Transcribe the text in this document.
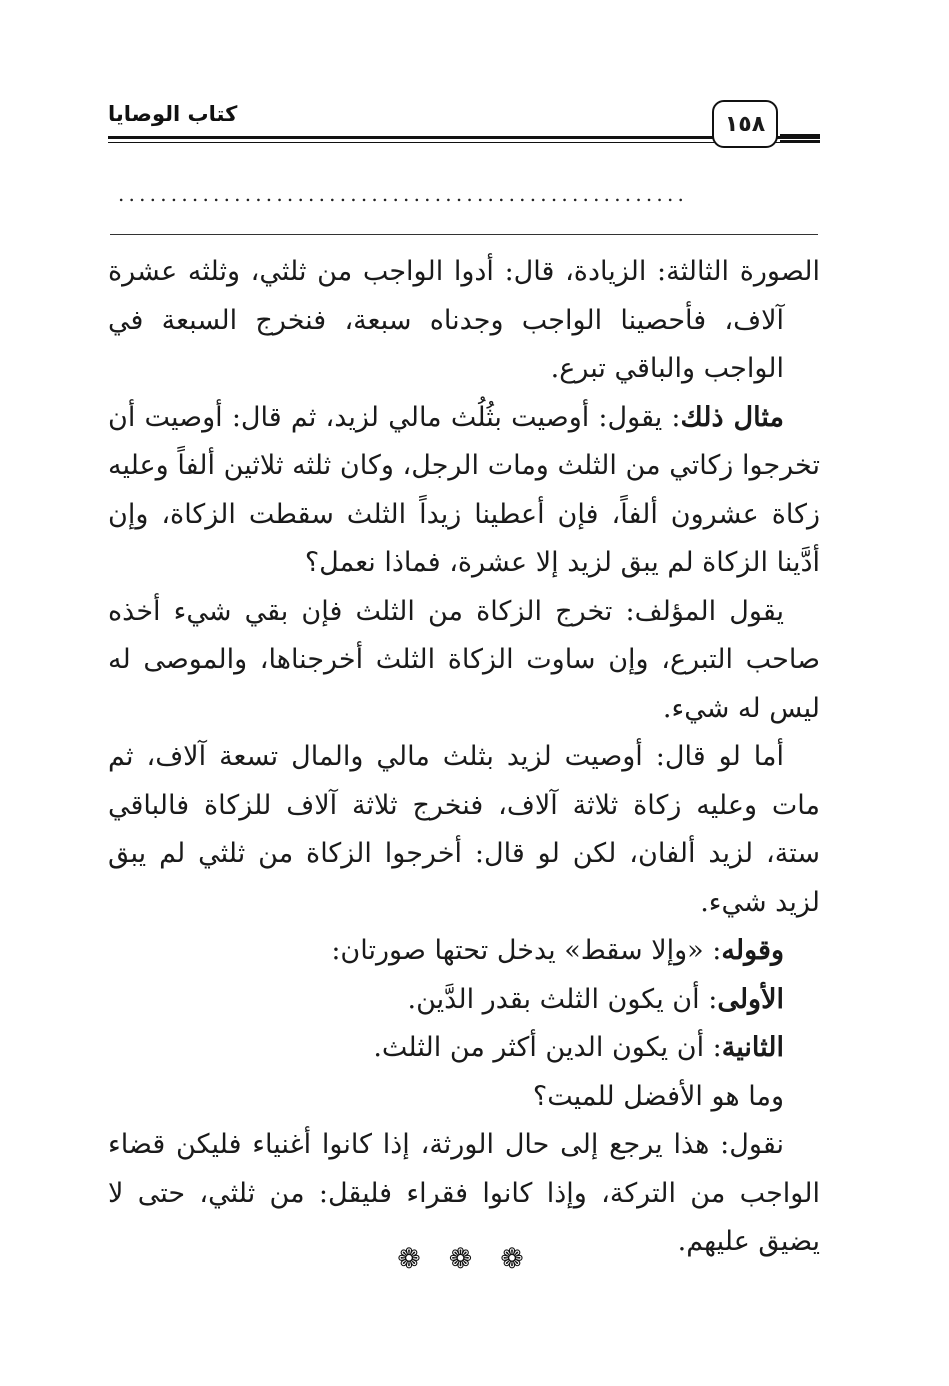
كتاب الوصايا	١٥٨
......................................................

الصورة الثالثة: الزيادة، قال: أدوا الواجب من ثلثي، وثلثه عشرة آلاف، فأحصينا الواجب وجدناه سبعة، فنخرج السبعة في الواجب والباقي تبرع.

مثال ذلك: يقول: أوصيت بثُلُث مالي لزيد، ثم قال: أوصيت أن تخرجوا زكاتي من الثلث ومات الرجل، وكان ثلثه ثلاثين ألفاً وعليه زكاة عشرون ألفاً، فإن أعطينا زيداً الثلث سقطت الزكاة، وإن أدَّينا الزكاة لم يبق لزيد إلا عشرة، فماذا نعمل؟

يقول المؤلف: تخرج الزكاة من الثلث فإن بقي شيء أخذه صاحب التبرع، وإن ساوت الزكاة الثلث أخرجناها، والموصى له ليس له شيء.

أما لو قال: أوصيت لزيد بثلث مالي والمال تسعة آلاف، ثم مات وعليه زكاة ثلاثة آلاف، فنخرج ثلاثة آلاف للزكاة فالباقي ستة، لزيد ألفان، لكن لو قال: أخرجوا الزكاة من ثلثي لم يبق لزيد شيء.

وقوله: «وإلا سقط» يدخل تحتها صورتان:

الأولى: أن يكون الثلث بقدر الدَّين.

الثانية: أن يكون الدين أكثر من الثلث.

وما هو الأفضل للميت؟

نقول: هذا يرجع إلى حال الورثة، إذا كانوا أغنياء فليكن قضاء الواجب من التركة، وإذا كانوا فقراء فليقل: من ثلثي، حتى لا يضيق عليهم.

❁❁❁
